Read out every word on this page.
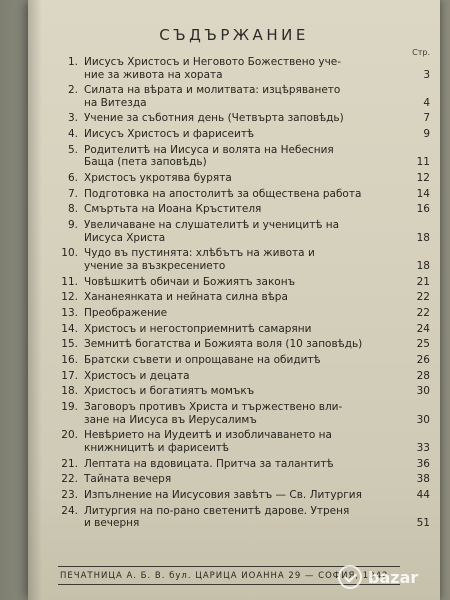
СЪДЪРЖАНИЕ
Стр.
1. Иисусъ Христосъ и Неговото Божествено уче-
ние за живота на хората	3
2. Силата на вѣрата и молитвата: изцѣряването
на Витезда	4
3. Учение за съботния день (Четвърта заповѣдь)	7
4. Иисусъ Христосъ и фарисеитѣ	9
5. Родителитѣ на Иисуса и волята на Небесния
Баща (пета заповѣдь)	11
6. Христосъ укротява бурята	12
7. Подготовка на апостолитѣ за обществена работа	14
8. Смъртьта на Иоана Кръстителя	16
9. Увеличаване на слушателитѣ и ученицитѣ на
Иисуса Христа	18
10. Чудо въ пустинята: хлѣбътъ на живота и
учение за възкресението	18
11. Човѣшкитѣ обичаи и Божиятъ законъ	21
12. Хананеянката и нейната силна вѣра	22
13. Преображение	22
14. Христосъ и негостоприемнитѣ самаряни	24
15. Земнитѣ богатства и Божията воля (10 заповѣдь)	25
16. Братски съвети и опрощаване на обидитѣ	26
17. Христосъ и децата	28
18. Христосъ и богатиятъ момъкъ	30
19. Заговоръ противъ Христа и тържествено вли-
зане на Иисуса въ Иерусалимъ	30
20. Невѣрието на Иудеитѣ и изобличаването на
книжницитѣ и фарисеитѣ	33
21. Лептата на вдовицата. Притча за талантитѣ	36
22. Тайната вечеря	38
23. Изпълнение на Иисусовия завѣтъ — Св. Литургия	44
24. Литургия на по-рано светенитѣ дарове. Утреня
и вечерня	51
ПЕЧАТНИЦА А. Б. В. бул. ЦАРИЦА ИОАННА 29 — СОФИЯ, 1942
bazar
